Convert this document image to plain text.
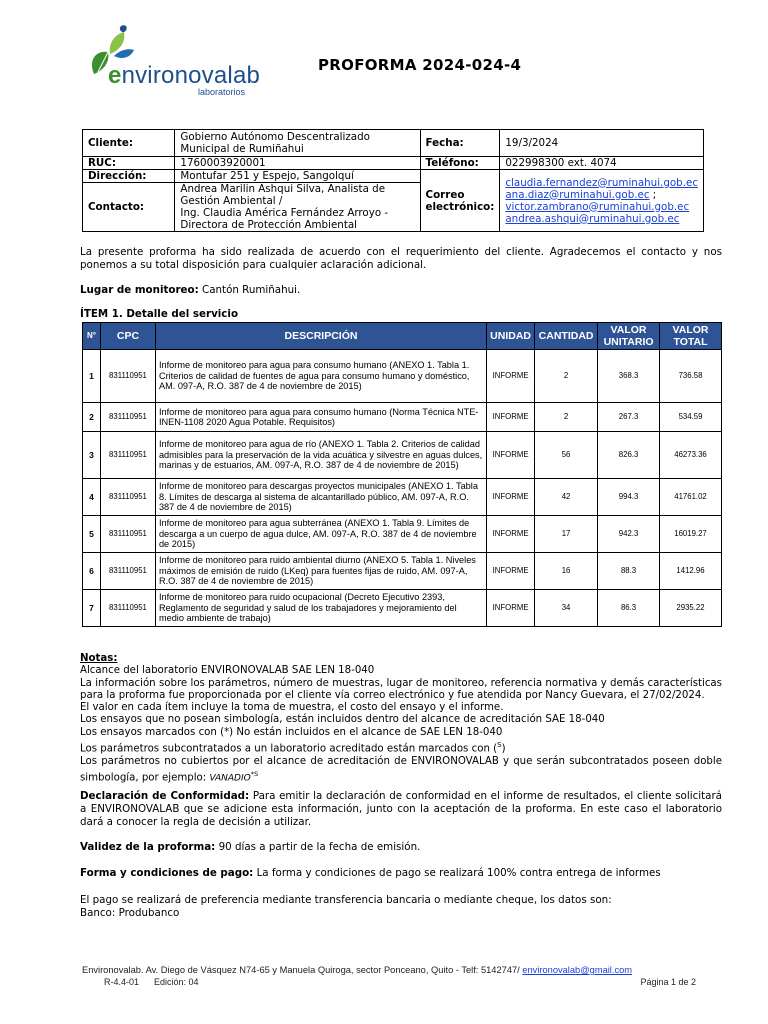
environovalab
laboratorios
PROFORMA 2024-024-4
Cliente:	Gobierno Autónomo Descentralizado Municipal de Rumiñahui	Fecha:	19/3/2024
RUC:	1760003920001	Teléfono:	022998300 ext. 4074
Dirección:	Montufar 251 y Espejo, Sangolquí	Correo electrónico:	claudia.fernandez@ruminahui.gob.ec
ana.diaz@ruminahui.gob.ec ;
victor.zambrano@ruminahui.gob.ec
andrea.ashqui@ruminahui.gob.ec

Contacto:	Andrea Marilin Ashqui Silva, Analista de Gestión Ambiental /
Ing. Claudia América Fernández Arroyo - Directora de Protección Ambiental		
La presente proforma ha sido realizada de acuerdo con el requerimiento del cliente. Agradecemos el contacto y nos ponemos a su total disposición para cualquier aclaración adicional.
Lugar de monitoreo: Cantón Rumiñahui.
ÍTEM 1. Detalle del servicio
N°	CPC	DESCRIPCIÓN	UNIDAD	CANTIDAD	VALOR UNITARIO	VALOR TOTAL
1	831110951	Informe de monitoreo para agua para consumo humano (ANEXO 1. Tabla 1. Criterios de calidad de fuentes de agua para consumo humano y doméstico, AM. 097-A, R.O. 387 de 4 de noviembre de 2015)	INFORME	2	368.3	736.58
2	831110951	Informe de monitoreo para agua para consumo humano (Norma Técnica NTE-INEN-1108 2020 Agua Potable. Requisitos)	INFORME	2	267.3	534.59
3	831110951	Informe de monitoreo para agua de río (ANEXO 1. Tabla 2. Criterios de calidad admisibles para la preservación de la vida acuática y silvestre en aguas dulces, marinas y de estuarios, AM. 097-A, R.O. 387 de 4 de noviembre de 2015)	INFORME	56	826.3	46273.36
4	831110951	Informe de monitoreo para descargas proyectos municipales (ANEXO 1. Tabla 8. Límites de descarga al sistema de alcantarillado público, AM. 097-A, R.O. 387 de 4 de noviembre de 2015)	INFORME	42	994.3	41761.02
5	831110951	Informe de monitoreo para agua subterránea (ANEXO 1. Tabla 9. Límites de descarga a un cuerpo de agua dulce, AM. 097-A, R.O. 387 de 4 de noviembre de 2015)	INFORME	17	942.3	16019.27
6	831110951	Informe de monitoreo para ruido ambiental diurno (ANEXO 5. Tabla 1. Niveles máximos de emisión de ruido (LKeq) para fuentes fijas de ruido, AM. 097-A, R.O. 387 de 4 de noviembre de 2015)	INFORME	16	88.3	1412.96
7	831110951	Informe de monitoreo para ruido ocupacional (Decreto Ejecutivo 2393, Reglamento de seguridad y salud de los trabajadores y mejoramiento del medio ambiente de trabajo)	INFORME	34	86.3	2935.22
Notas:
Alcance del laboratorio ENVIRONOVALAB SAE LEN 18-040
La información sobre los parámetros, número de muestras, lugar de monitoreo, referencia normativa y demás características para la proforma fue proporcionada por el cliente vía correo electrónico y fue atendida por Nancy Guevara, el 27/02/2024.
El valor en cada ítem incluye la toma de muestra, el costo del ensayo y el informe.
Los ensayos que no posean simbología, están incluidos dentro del alcance de acreditación SAE 18-040
Los ensayos marcados con (*) No están incluidos en el alcance de SAE LEN 18-040
Los parámetros subcontratados a un laboratorio acreditado están marcados con ($^S$)
Los parámetros no cubiertos por el alcance de acreditación de ENVIRONOVALAB y que serán subcontratados poseen doble simbología, por ejemplo: $VANADIO^{*S}$
Declaración de Conformidad: Para emitir la declaración de conformidad en el informe de resultados, el cliente solicitará a ENVIRONOVALAB que se adicione esta información, junto con la aceptación de la proforma. En este caso el laboratorio dará a conocer la regla de decisión a utilizar.
Validez de la proforma: 90 días a partir de la fecha de emisión.
Forma y condiciones de pago: La forma y condiciones de pago se realizará 100% contra entrega de informes
El pago se realizará de preferencia mediante transferencia bancaria o mediante cheque, los datos son:
Banco: Produbanco
Environovalab. Av. Diego de Vásquez N74-65 y Manuela Quiroga, sector Ponceano, Quito - Telf: 5142747/ environovalab@gmail.com
R-4.4-01      Edición: 04	Página 1 de 2
